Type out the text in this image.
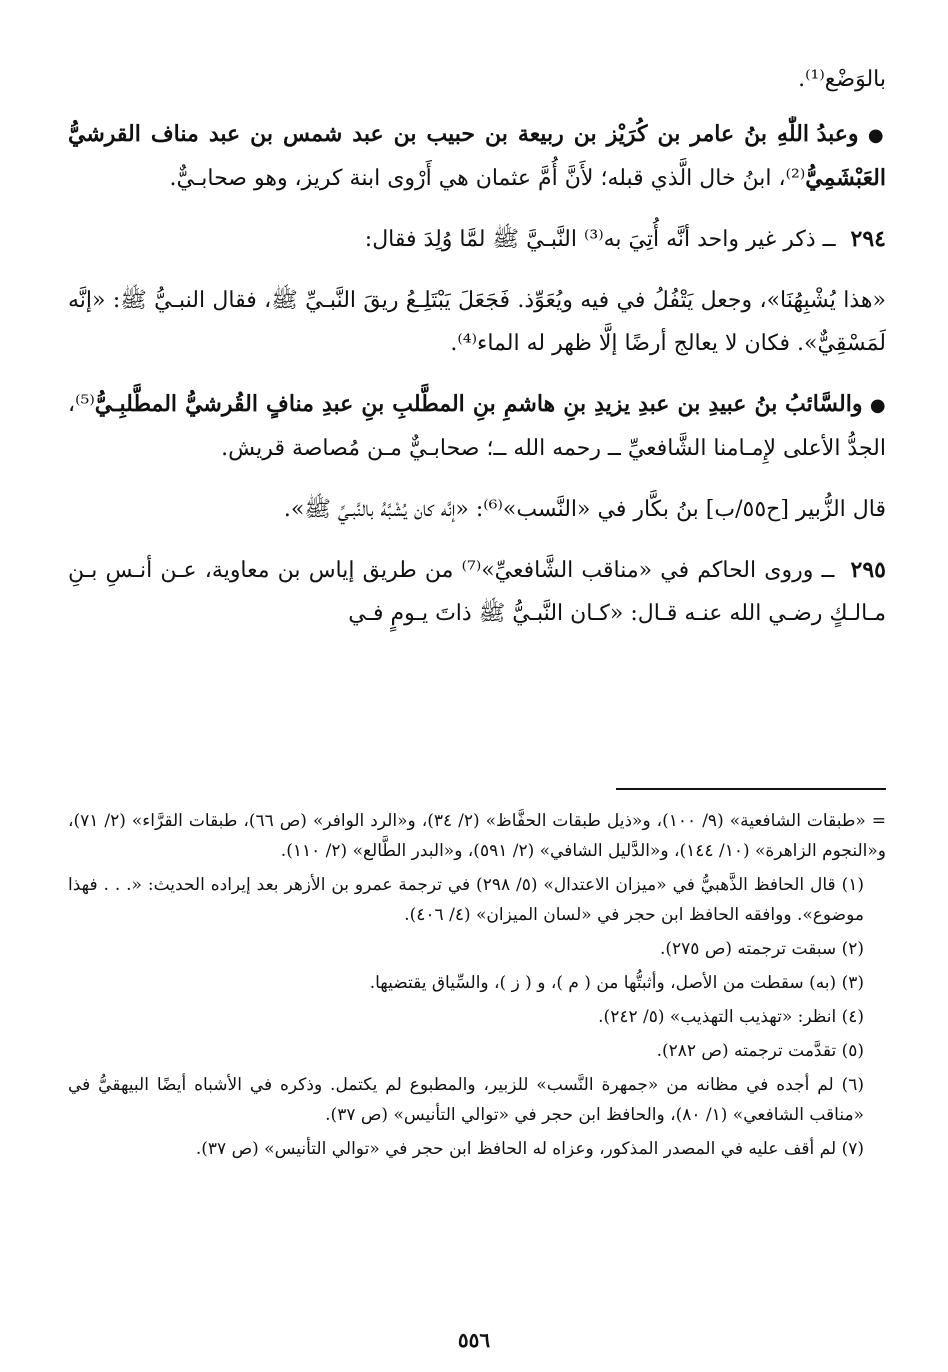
بالوَضْع⁽¹⁾.

● وعبدُ اللّٰهِ بنُ عامر بن كُرَيْز بن ربيعة بن حبيب بن عبد شمس بن عبد مناف القرشيُّ العَبْشَمِيُّ⁽²⁾، ابنُ خال الَّذي قبله؛ لأَنَّ أُمَّ عثمان هي أَرْوى ابنة كريز، وهو صحابـيٌّ.

٢٩٤ ــ ذكر غير واحد أنَّه أُتِيَ به⁽³⁾ النَّبـيَّ ﷺ لمَّا وُلِدَ فقال:

«هذا يُشْبِهُنَا»، وجعل يَتْفُلُ في فيه ويُعَوِّذ. فَجَعَلَ يَبْتَلِـعُ ريقَ النَّبـيِّ ﷺ، فقال النبـيُّ ﷺ: «إنَّه لَمَسْقِيٌّ». فكان لا يعالج أرضًا إلَّا ظهر له الماء⁽⁴⁾.

● والسَّائبُ بنُ عبيدِ بن عبدِ يزيدِ بنِ هاشمِ بنِ المطَّلبِ بنِ عبدِ منافٍ القُرشيُّ المطَّلبِـيُّ⁽⁵⁾، الجدُّ الأعلى لإِمـامنا الشَّافعيِّ ــ رحمه الله ــ؛ صحابـيٌّ مـن مُصاصة قريش.

قال الزُّبير [ح٥٥/ب] بنُ بكَّار في «النَّسب»⁽⁶⁾: «إنَّه كان يُشْبَّهُ بالنَّبـيِّ ﷺ».

٢٩٥ ــ وروى الحاكم في «مناقب الشَّافعيِّ»⁽⁷⁾ من طريق إياس بن معاوية، عـن أنـسِ بـنِ مـالـكٍ رضـي الله عنـه قـال: «كـان النَّبـيُّ ﷺ ذاتَ يـومٍ فـي

= «طبقات الشافعية» (٩/ ١٠٠)، و«ذيل طبقات الحفَّاظ» (٢/ ٣٤)، و«الرد الوافر» (ص ٦٦)، طبقات القرَّاء» (٢/ ٧١)، و«النجوم الزاهرة» (١٠/ ١٤٤)، و«الدَّليل الشافي» (٢/ ٥٩١)، و«البدر الطَّالع» (٢/ ١١٠).

(١) قال الحافظ الذَّهبيُّ في «ميزان الاعتدال» (٥/ ٢٩٨) في ترجمة عمرو بن الأزهر بعد إيراده الحديث: «. . . فهذا موضوع». ووافقه الحافظ ابن حجر في «لسان الميزان» (٤/ ٤٠٦).

(٢) سبقت ترجمته (ص ٢٧٥).

(٣) (به) سقطت من الأصل، وأثبتُّها من ( م )، و ( ز )، والسِّياق يقتضيها.

(٤) انظر: «تهذيب التهذيب» (٥/ ٢٤٢).

(٥) تقدَّمت ترجمته (ص ٢٨٢).

(٦) لم أجده في مظانه من «جمهرة النَّسب» للزبير، والمطبوع لم يكتمل. وذكره في الأشباه أيضًا البيهقيُّ في «مناقب الشافعي» (١/ ٨٠)، والحافظ ابن حجر في «توالي التأنيس» (ص ٣٧).

(٧) لم أقف عليه في المصدر المذكور، وعزاه له الحافظ ابن حجر في «توالي التأنيس» (ص ٣٧).

٥٥٦
